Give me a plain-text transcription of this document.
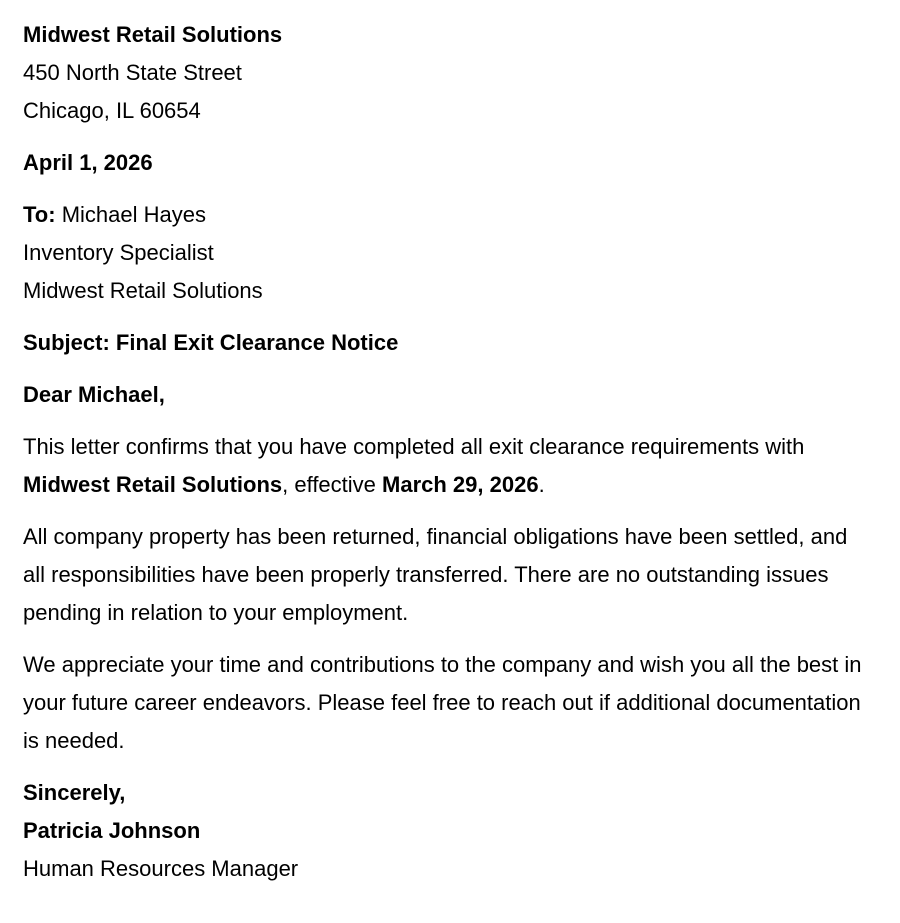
Midwest Retail Solutions
450 North State Street
Chicago, IL 60654
April 1, 2026
To: Michael Hayes
Inventory Specialist
Midwest Retail Solutions
Subject: Final Exit Clearance Notice
Dear Michael,

This letter confirms that you have completed all exit clearance requirements with Midwest Retail Solutions, effective March 29, 2026.

All company property has been returned, financial obligations have been settled, and all responsibilities have been properly transferred. There are no outstanding issues pending in relation to your employment.

We appreciate your time and contributions to the company and wish you all the best in your future career endeavors. Please feel free to reach out if additional documentation is needed.

Sincerely,
Patricia Johnson
Human Resources Manager
